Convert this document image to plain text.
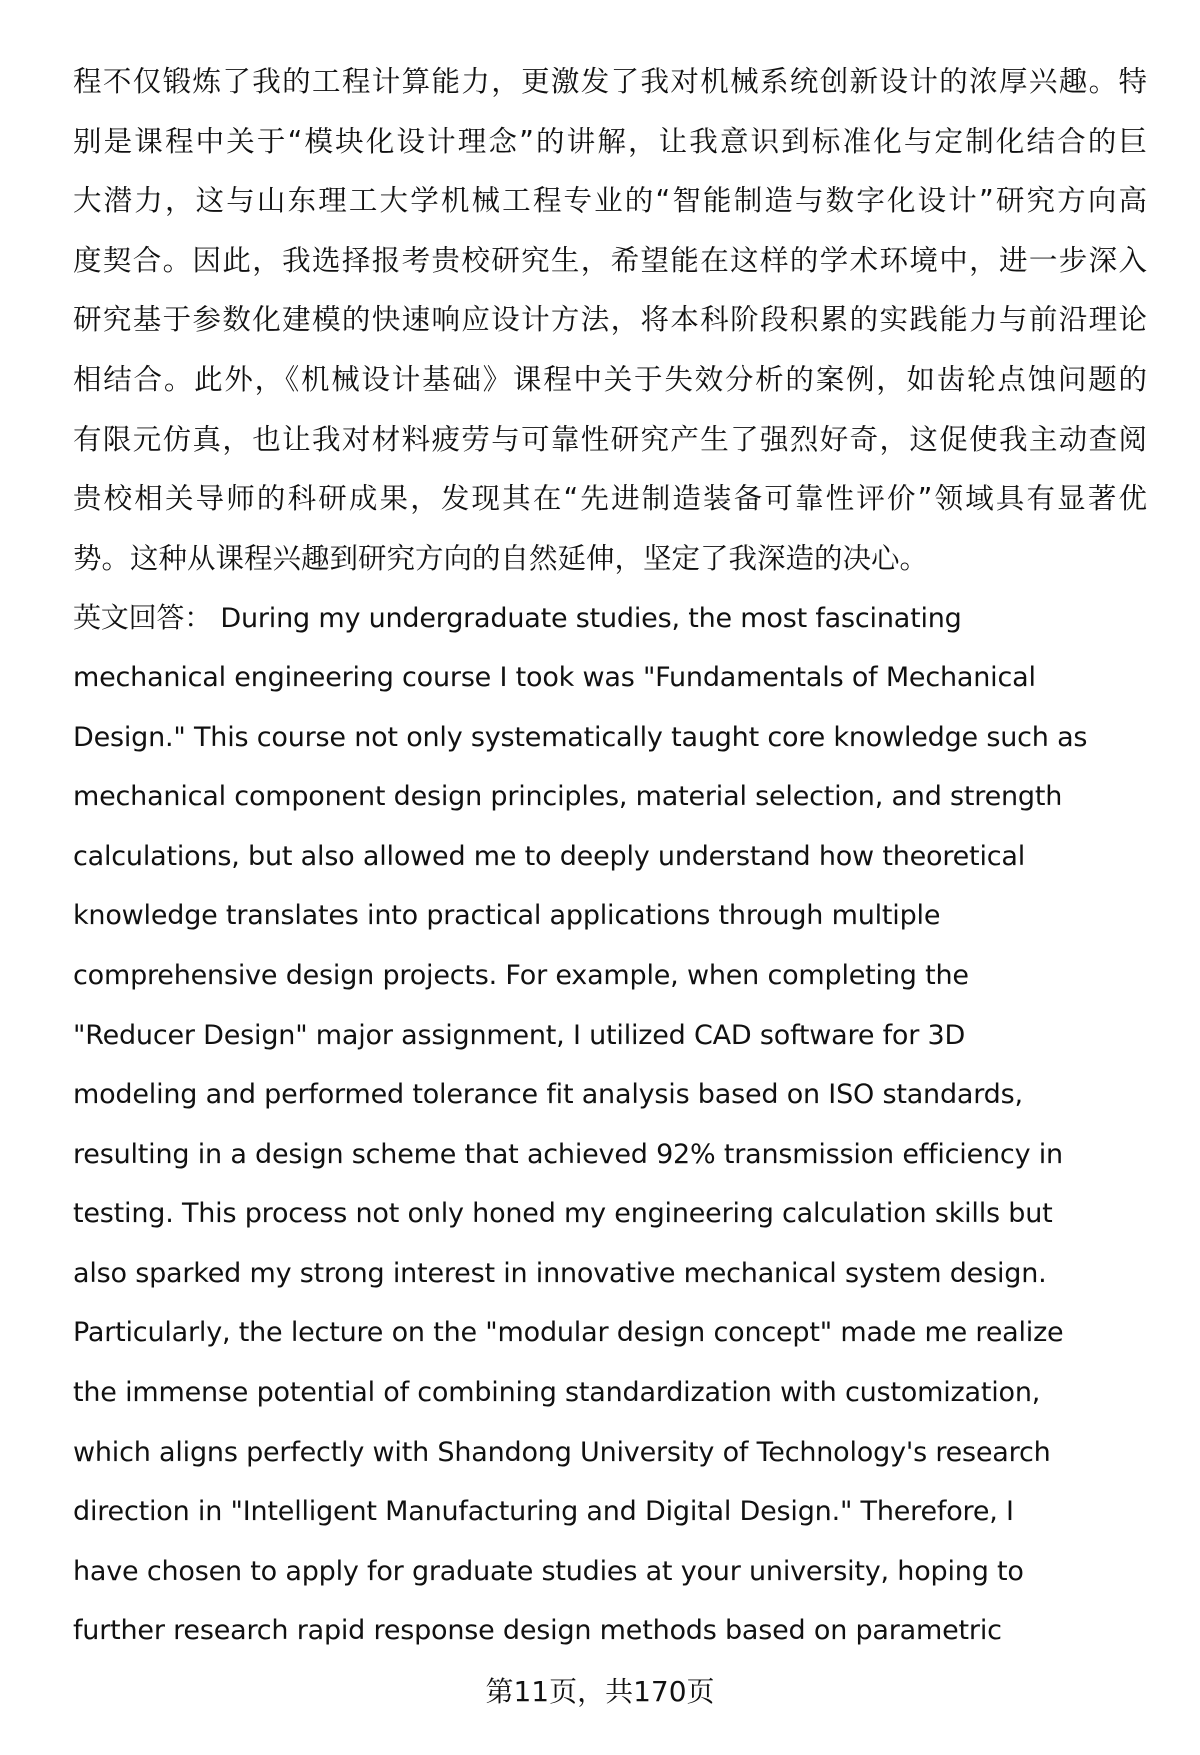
程不仅锻炼了我的工程计算能力，更激发了我对机械系统创新设计的浓厚兴趣。特
别是课程中关于“模块化设计理念”的讲解，让我意识到标准化与定制化结合的巨
大潜力，这与山东理工大学机械工程专业的“智能制造与数字化设计”研究方向高
度契合。因此，我选择报考贵校研究生，希望能在这样的学术环境中，进一步深入
研究基于参数化建模的快速响应设计方法，将本科阶段积累的实践能力与前沿理论
相结合。此外，《机械设计基础》课程中关于失效分析的案例，如齿轮点蚀问题的
有限元仿真，也让我对材料疲劳与可靠性研究产生了强烈好奇，这促使我主动查阅
贵校相关导师的科研成果，发现其在“先进制造装备可靠性评价”领域具有显著优
势。这种从课程兴趣到研究方向的自然延伸，坚定了我深造的决心。
英文回答： During my undergraduate studies, the most fascinating
mechanical engineering course I took was "Fundamentals of Mechanical
Design." This course not only systematically taught core knowledge such as
mechanical component design principles, material selection, and strength
calculations, but also allowed me to deeply understand how theoretical
knowledge translates into practical applications through multiple
comprehensive design projects. For example, when completing the
"Reducer Design" major assignment, I utilized CAD software for 3D
modeling and performed tolerance fit analysis based on ISO standards,
resulting in a design scheme that achieved 92% transmission efficiency in
testing. This process not only honed my engineering calculation skills but
also sparked my strong interest in innovative mechanical system design.
Particularly, the lecture on the "modular design concept" made me realize
the immense potential of combining standardization with customization,
which aligns perfectly with Shandong University of Technology's research
direction in "Intelligent Manufacturing and Digital Design." Therefore, I
have chosen to apply for graduate studies at your university, hoping to
further research rapid response design methods based on parametric
第11页，共170页
